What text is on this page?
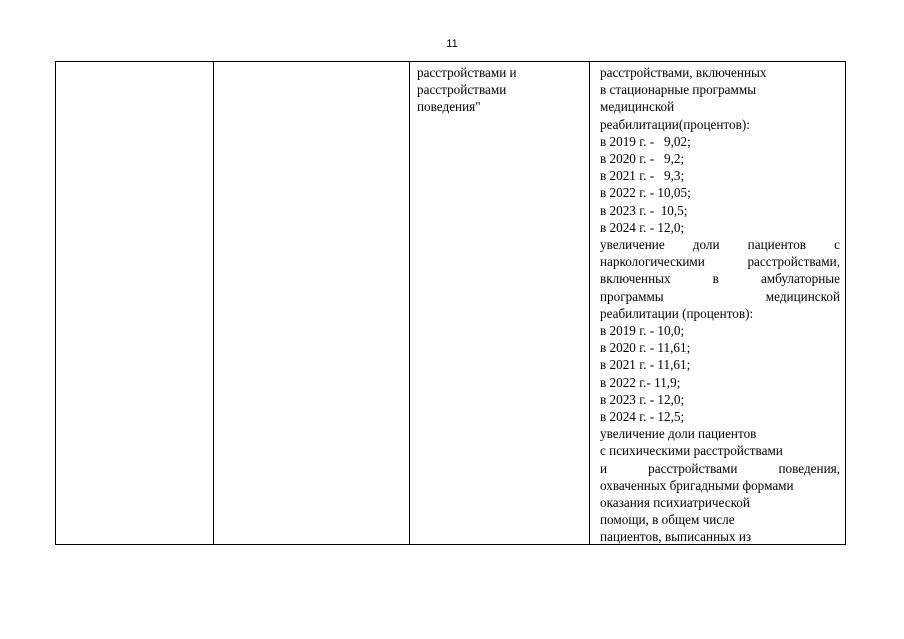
11
расстройствами и
расстройствами
поведения"
расстройствами, включенных
в стационарные программы
медицинской
реабилитации(процентов):
в 2019 г. -   9,02;
в 2020 г. -   9,2;
в 2021 г. -   9,3;
в 2022 г. - 10,05;
в 2023 г. -  10,5;
в 2024 г. - 12,0;
увеличение доли пациентов с
наркологическими расстройствами,
включенных в амбулаторные
программы медицинской
реабилитации (процентов):
в 2019 г. - 10,0;
в 2020 г. - 11,61;
в 2021 г. - 11,61;
в 2022 г.- 11,9;
в 2023 г. - 12,0;
в 2024 г. - 12,5;
увеличение доли пациентов
с психическими расстройствами
и расстройствами поведения,
охваченных бригадными формами
оказания психиатрической
помощи, в общем числе
пациентов, выписанных из
